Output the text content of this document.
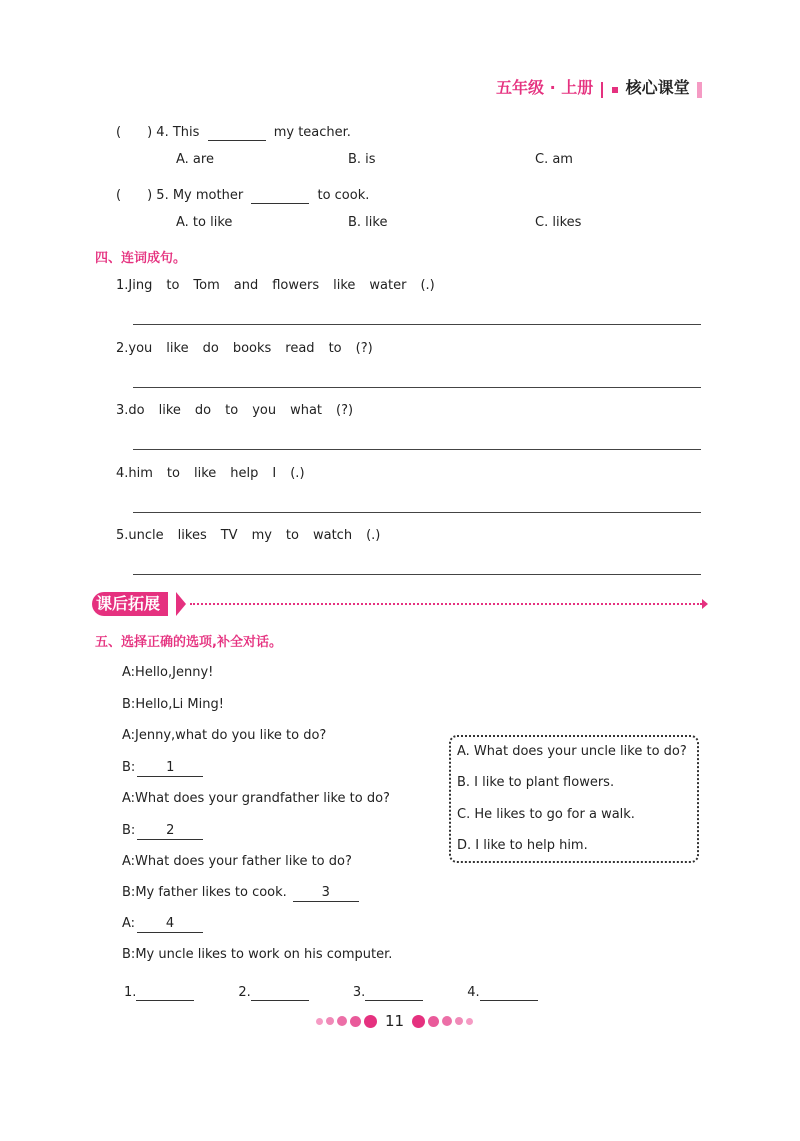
五年级 · 上册 核心课堂
(　　) 4. This	my teacher.
A. are	B. is	C. am
(　　) 5. My mother	to cook.
A. to like	B. like	C. likes
四、连词成句。
1.Jing to Tom and flowers like water (.)
2.you like do books read to (?)
3.do like do to you what (?)
4.him to like help I (.)
5.uncle likes TV my to watch (.)
课后拓展
五、选择正确的选项,补全对话。
A:Hello,Jenny!
B:Hello,Li Ming!
A:Jenny,what do you like to do?
B: 1
A:What does your grandfather like to do?
B: 2
A:What does your father like to do?
B:My father likes to cook.	3
A: 4
B:My uncle likes to work on his computer.
A. What does your uncle like to do?
B. I like to plant flowers.
C. He likes to go for a walk.
D. I like to help him.
1.	2.	3.	4.
11
